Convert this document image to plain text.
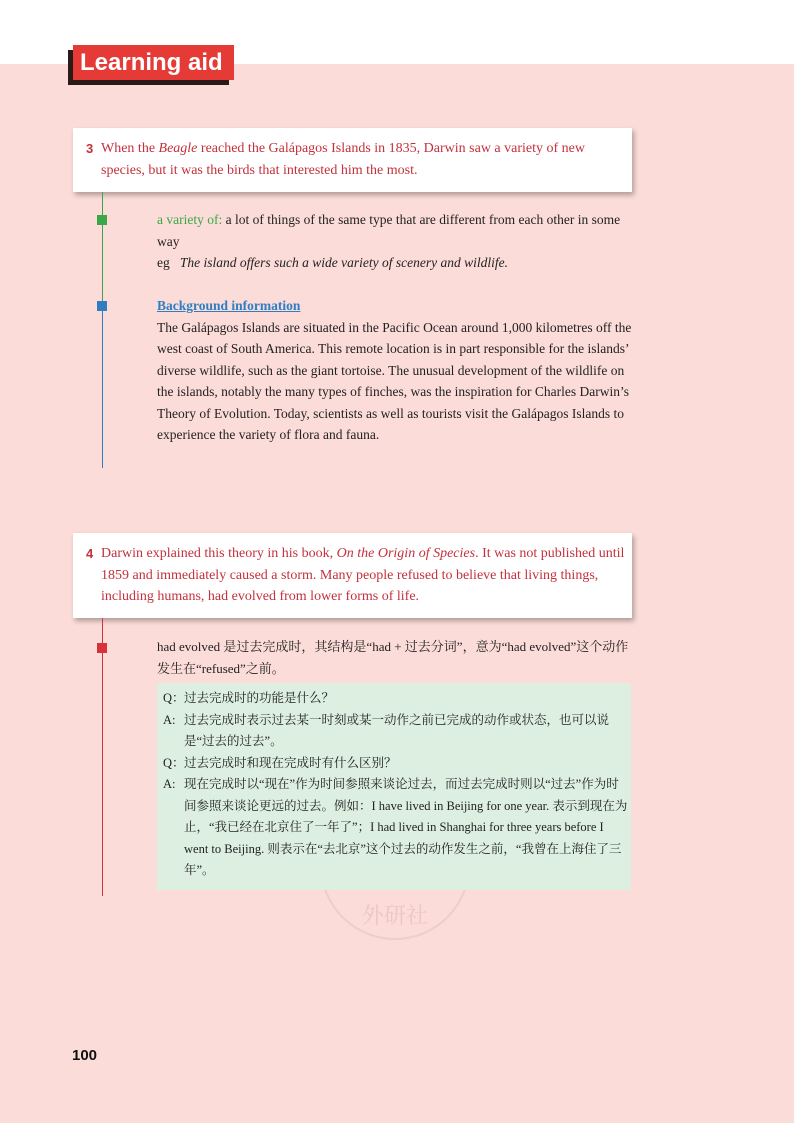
Learning aid
3 When the Beagle reached the Galápagos Islands in 1835, Darwin saw a variety of new species, but it was the birds that interested him the most.
a variety of: a lot of things of the same type that are different from each other in some way
eg The island offers such a wide variety of scenery and wildlife.
Background information
The Galápagos Islands are situated in the Pacific Ocean around 1,000 kilometres off the west coast of South America. This remote location is in part responsible for the islands’ diverse wildlife, such as the giant tortoise. The unusual development of the wildlife on the islands, notably the many types of finches, was the inspiration for Charles Darwin’s Theory of Evolution. Today, scientists as well as tourists visit the Galápagos Islands to experience the variety of flora and fauna.
4 Darwin explained this theory in his book, On the Origin of Species. It was not published until 1859 and immediately caused a storm. Many people refused to believe that living things, including humans, had evolved from lower forms of life.
had evolved 是过去完成时，其结构是“had + 过去分词”，意为“had evolved”这个动作发生在“refused”之前。
外研社
Q： 过去完成时的功能是什么？
A: 过去完成时表示过去某一时刻或某一动作之前已完成的动作或状态，也可以说是“过去的过去”。
Q： 过去完成时和现在完成时有什么区别？
A: 现在完成时以“现在”作为时间参照来谈论过去，而过去完成时则以“过去”作为时间参照来谈论更远的过去。例如：I have lived in Beijing for one year. 表示到现在为止，“我已经在北京住了一年了”；I had lived in Shanghai for three years before I went to Beijing. 则表示在“去北京”这个过去的动作发生之前，“我曾在上海住了三年”。
100
